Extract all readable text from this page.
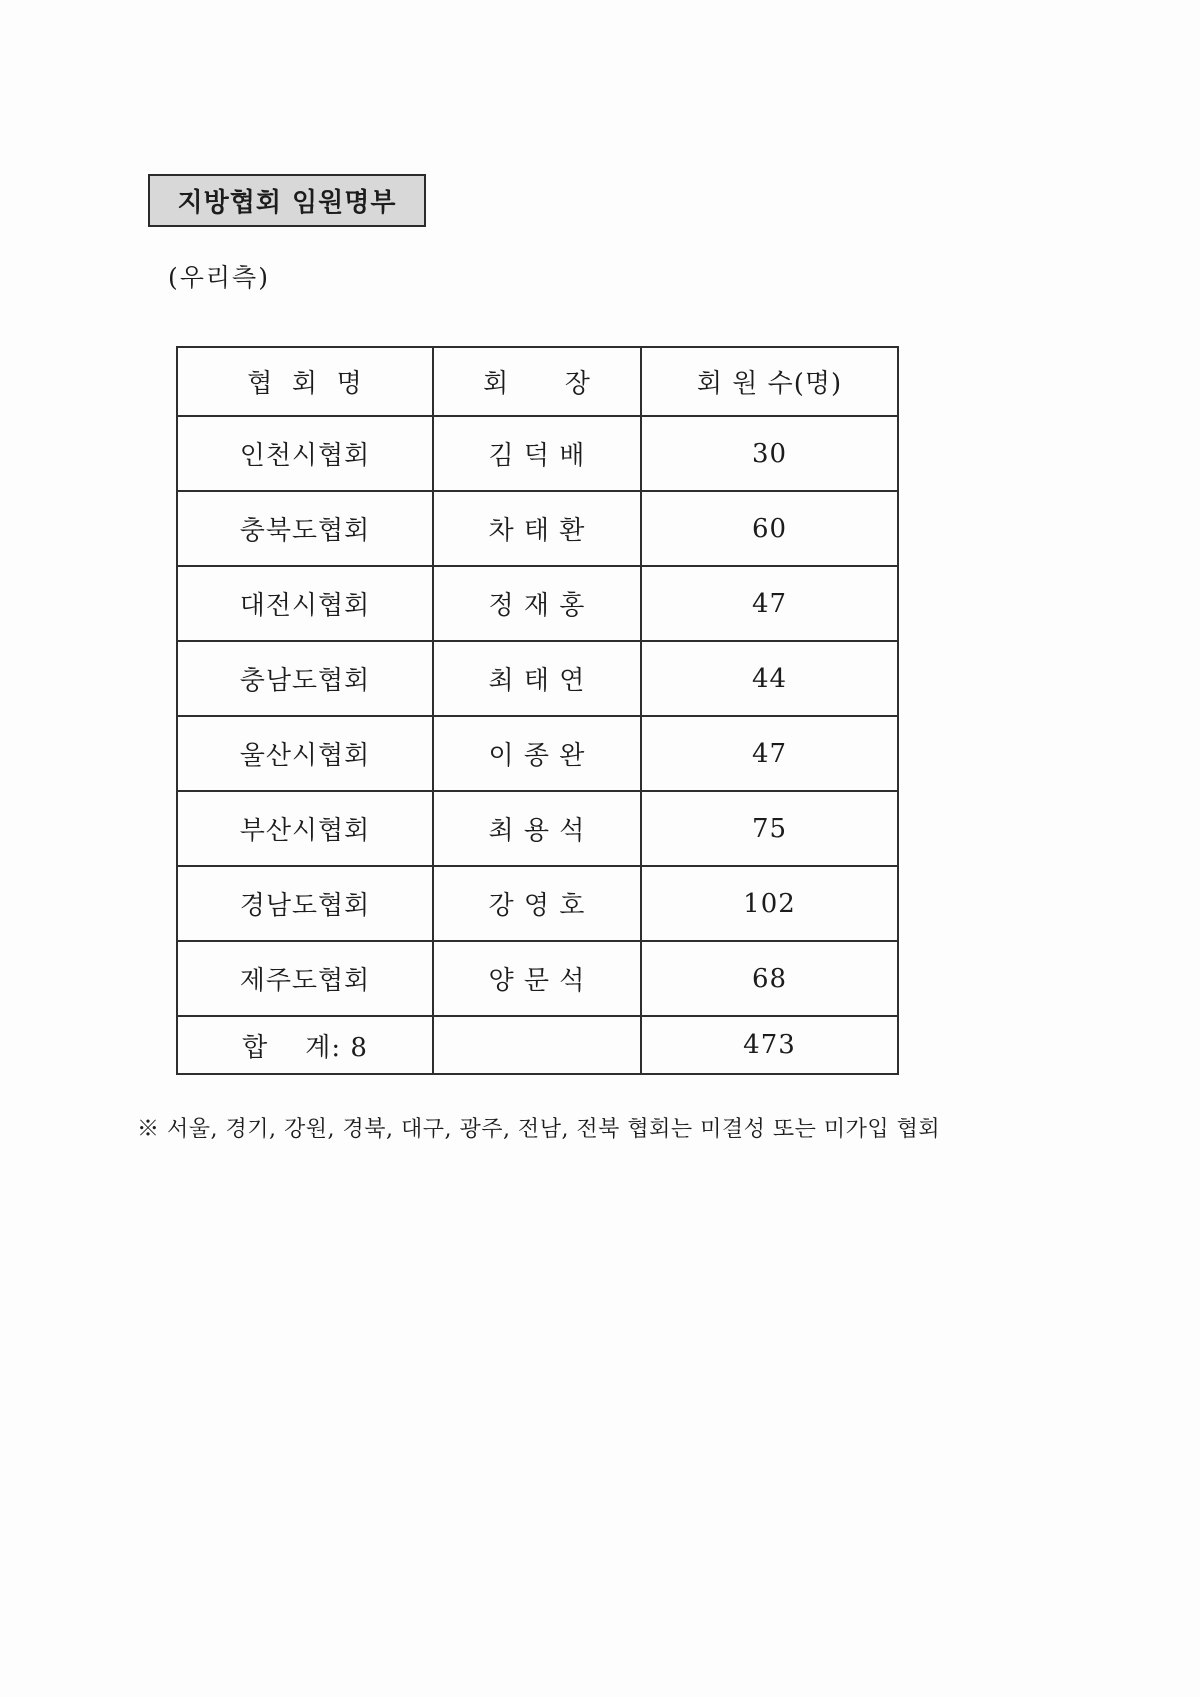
지방협회 임원명부
(우리측)
협  회  명	회      장	회 원 수(명)
인천시협회	김 덕 배	30
충북도협회	차 태 환	60
대전시협회	정 재 홍	47
충남도협회	최 태 연	44
울산시협회	이 종 완	47
부산시협회	최 용 석	75
경남도협회	강 영 호	102
제주도협회	양 문 석	68
합    계: 8		473
※ 서울, 경기, 강원, 경북, 대구, 광주, 전남, 전북 협회는 미결성 또는 미가입 협회
